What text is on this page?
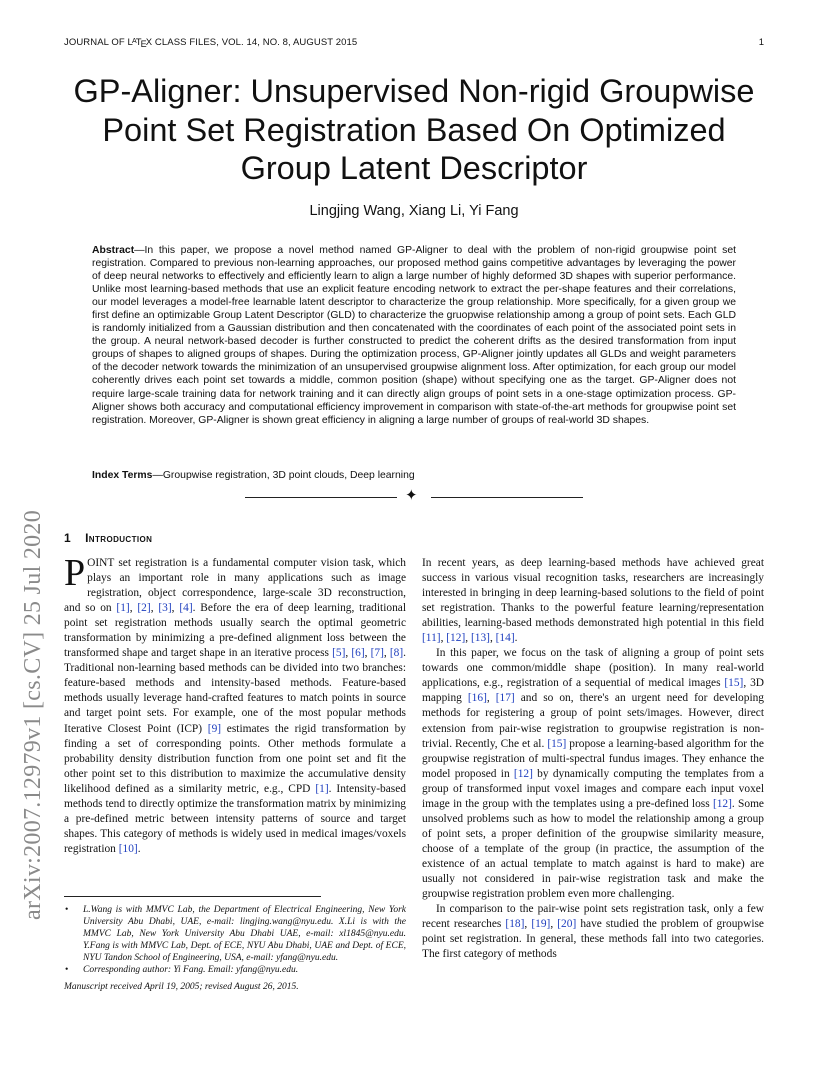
JOURNAL OF $L^ATEX$ CLASS FILES, VOL. 14, NO. 8, AUGUST 2015	1
arXiv:2007.12979v1 [cs.CV] 25 Jul 2020
GP-Aligner: Unsupervised Non-rigid Groupwise Point Set Registration Based On Optimized Group Latent Descriptor
Lingjing Wang, Xiang Li, Yi Fang
Abstract—In this paper, we propose a novel method named GP-Aligner to deal with the problem of non-rigid groupwise point set registration. Compared to previous non-learning approaches, our proposed method gains competitive advantages by leveraging the power of deep neural networks to effectively and efficiently learn to align a large number of highly deformed 3D shapes with superior performance. Unlike most learning-based methods that use an explicit feature encoding network to extract the per-shape features and their correlations, our model leverages a model-free learnable latent descriptor to characterize the group relationship. More specifically, for a given group we first define an optimizable Group Latent Descriptor (GLD) to characterize the gruopwise relationship among a group of point sets. Each GLD is randomly initialized from a Gaussian distribution and then concatenated with the coordinates of each point of the associated point sets in the group. A neural network-based decoder is further constructed to predict the coherent drifts as the desired transformation from input groups of shapes to aligned groups of shapes. During the optimization process, GP-Aligner jointly updates all GLDs and weight parameters of the decoder network towards the minimization of an unsupervised groupwise alignment loss. After optimization, for each group our model coherently drives each point set towards a middle, common position (shape) without specifying one as the target. GP-Aligner does not require large-scale training data for network training and it can directly align groups of point sets in a one-stage optimization process. GP-Aligner shows both accuracy and computational efficiency improvement in comparison with state-of-the-art methods for groupwise point set registration. Moreover, GP-Aligner is shown great efficiency in aligning a large number of groups of real-world 3D shapes.
Index Terms—Groupwise registration, 3D point clouds, Deep learning
✦
1 Introduction

POINT set registration is a fundamental computer vision task, which plays an important role in many applications such as image registration, object correspondence, large-scale 3D reconstruction, and so on [1], [2], [3], [4]. Before the era of deep learning, traditional point set registration methods usually search the optimal geometric transformation by minimizing a pre-defined alignment loss between the transformed shape and target shape in an iterative process [5], [6], [7], [8]. Traditional non-learning based methods can be divided into two branches: feature-based methods and intensity-based methods. Feature-based methods usually leverage hand-crafted features to match points in source and target point sets. For example, one of the most popular methods Iterative Closest Point (ICP) [9] estimates the rigid transformation by finding a set of corresponding points. Other methods formulate a probability density distribution function from one point set and fit the other point set to this distribution to maximize the accumulative density likelihood defined as a similarity metric, e.g., CPD [1]. Intensity-based methods tend to directly optimize the transformation matrix by minimizing a pre-defined metric between intensity patterns of source and target shapes. This category of methods is widely used in medical images/voxels registration [10].

• L.Wang is with MMVC Lab, the Department of Electrical Engineering, New York University Abu Dhabi, UAE, e-mail: lingjing.wang@nyu.edu. X.Li is with the MMVC Lab, New York University Abu Dhabi UAE, e-mail: xl1845@nyu.edu. Y.Fang is with MMVC Lab, Dept. of ECE, NYU Abu Dhabi, UAE and Dept. of ECE, NYU Tandon School of Engineering, USA, e-mail: yfang@nyu.edu.
• Corresponding author: Yi Fang. Email: yfang@nyu.edu.
Manuscript received April 19, 2005; revised August 26, 2015.

In recent years, as deep learning-based methods have achieved great success in various visual recognition tasks, researchers are increasingly interested in bringing in deep learning-based solutions to the field of point set registration. Thanks to the powerful feature learning/representation abilities, learning-based methods demonstrated high potential in this field [11], [12], [13], [14].

In this paper, we focus on the task of aligning a group of point sets towards one common/middle shape (position). In many real-world applications, e.g., registration of a sequential of medical images [15], 3D mapping [16], [17] and so on, there's an urgent need for developing methods for registering a group of point sets/images. However, direct extension from pair-wise registration to groupwise registration is non-trivial. Recently, Che et al. [15] propose a learning-based algorithm for the groupwise registration of multi-spectral fundus images. They enhance the model proposed in [12] by dynamically computing the templates from a group of transformed input voxel images and compare each input voxel image in the group with the templates using a pre-defined loss [12]. Some unsolved problems such as how to model the relationship among a group of point sets, a proper definition of the groupwise similarity measure, choose of a template of the group (in practice, the assumption of the existence of an actual template to match against is hard to make) are usually not considered in pair-wise registration task and make the groupwise registration problem even more challenging.

In comparison to the pair-wise point sets registration task, only a few recent researches [18], [19], [20] have studied the problem of groupwise point set registration. In general, these methods fall into two categories. The first category of methods
